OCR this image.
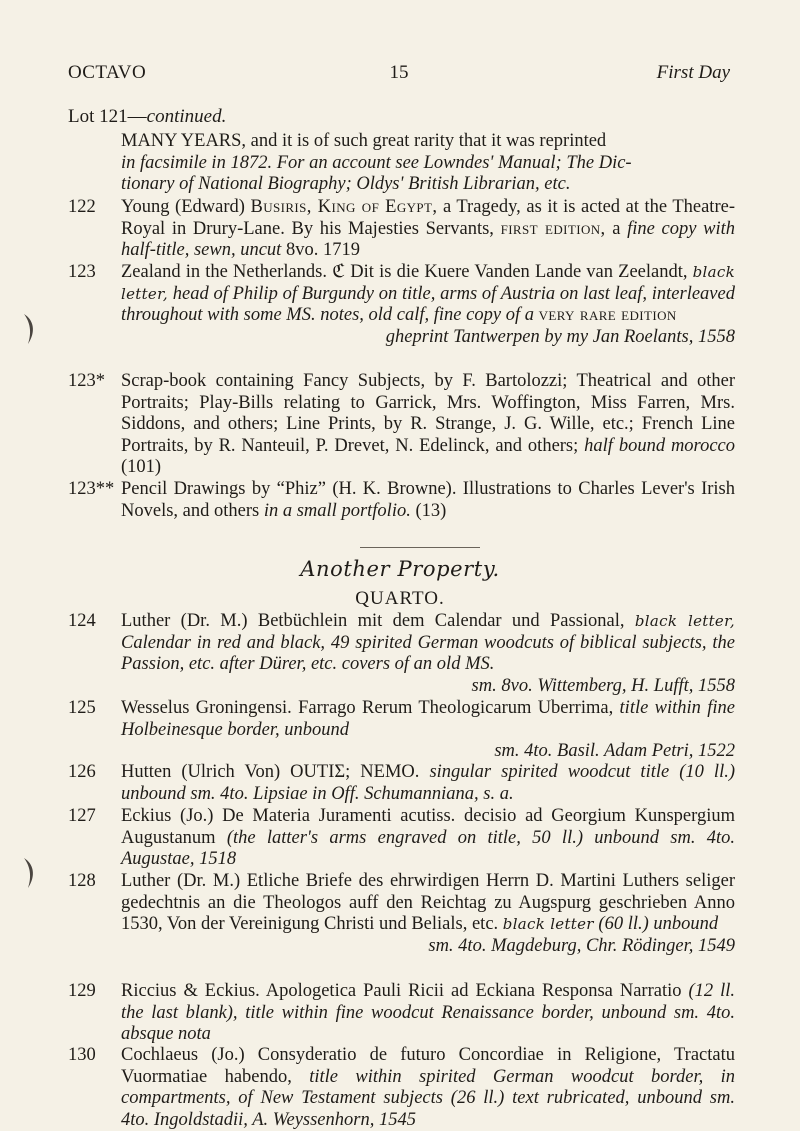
OCTAVO	15	First Day
Lot 121—continued.
MANY YEARS, and it is of such great rarity that it was reprinted
in facsimile in 1872. For an account see Lowndes' Manual; The Dic-
tionary of National Biography; Oldys' British Librarian, etc.
122	Young (Edward) Busiris, King of Egypt, a Tragedy, as it is acted at the Theatre-Royal in Drury-Lane. By his Majesties Servants, first edition, a fine copy with half-title, sewn, uncut 8vo. 1719
123	Zealand in the Netherlands. ℭ Dit is die Kuere Vanden Lande van Zeelandt, black letter, head of Philip of Burgundy on title, arms of Austria on last leaf, interleaved throughout with some MS. notes, old calf, fine copy of a very rare edition
gheprint Tantwerpen by my Jan Roelants, 1558
123* Scrap-book containing Fancy Subjects, by F. Bartolozzi; Theatrical and other Portraits; Play-Bills relating to Garrick, Mrs. Woffington, Miss Farren, Mrs. Siddons, and others; Line Prints, by R. Strange, J. G. Wille, etc.; French Line Portraits, by R. Nanteuil, P. Drevet, N. Edelinck, and others; half bound morocco (101)
123** Pencil Drawings by “Phiz” (H. K. Browne). Illustrations to Charles Lever's Irish Novels, and others in a small portfolio. (13)
Another Property.
QUARTO.
124	Luther (Dr. M.) Betbüchlein mit dem Calendar und Passional, black letter, Calendar in red and black, 49 spirited German woodcuts of biblical subjects, the Passion, etc. after Dürer, etc. covers of an old MS.
sm. 8vo. Wittemberg, H. Lufft, 1558
125	Wesselus Groningensi. Farrago Rerum Theologicarum Uberrima, title within fine Holbeinesque border, unbound
sm. 4to. Basil. Adam Petri, 1522
126	Hutten (Ulrich Von) OUTIΣ; NEMO. singular spirited woodcut title (10 ll.) unbound sm. 4to. Lipsiae in Off. Schumanniana, s. a.
127	Eckius (Jo.) De Materia Juramenti acutiss. decisio ad Georgium Kunspergium Augustanum (the latter's arms engraved on title, 50 ll.) unbound sm. 4to. Augustae, 1518
128	Luther (Dr. M.) Etliche Briefe des ehrwirdigen Herrn D. Martini Luthers seliger gedechtnis an die Theologos auff den Reichtag zu Augspurg geschrieben Anno 1530, Von der Vereinigung Christi und Belials, etc. black letter (60 ll.) unbound
sm. 4to. Magdeburg, Chr. Rödinger, 1549
129	Riccius & Eckius. Apologetica Pauli Ricii ad Eckiana Responsa Narratio (12 ll. the last blank), title within fine woodcut Renaissance border, unbound sm. 4to. absque nota
130	Cochlaeus (Jo.) Consyderatio de futuro Concordiae in Religione, Tractatu Vuormatiae habendo, title within spirited German woodcut border, in compartments, of New Testament subjects (26 ll.) text rubricated, unbound sm. 4to. Ingoldstadii, A. Weyssenhorn, 1545
